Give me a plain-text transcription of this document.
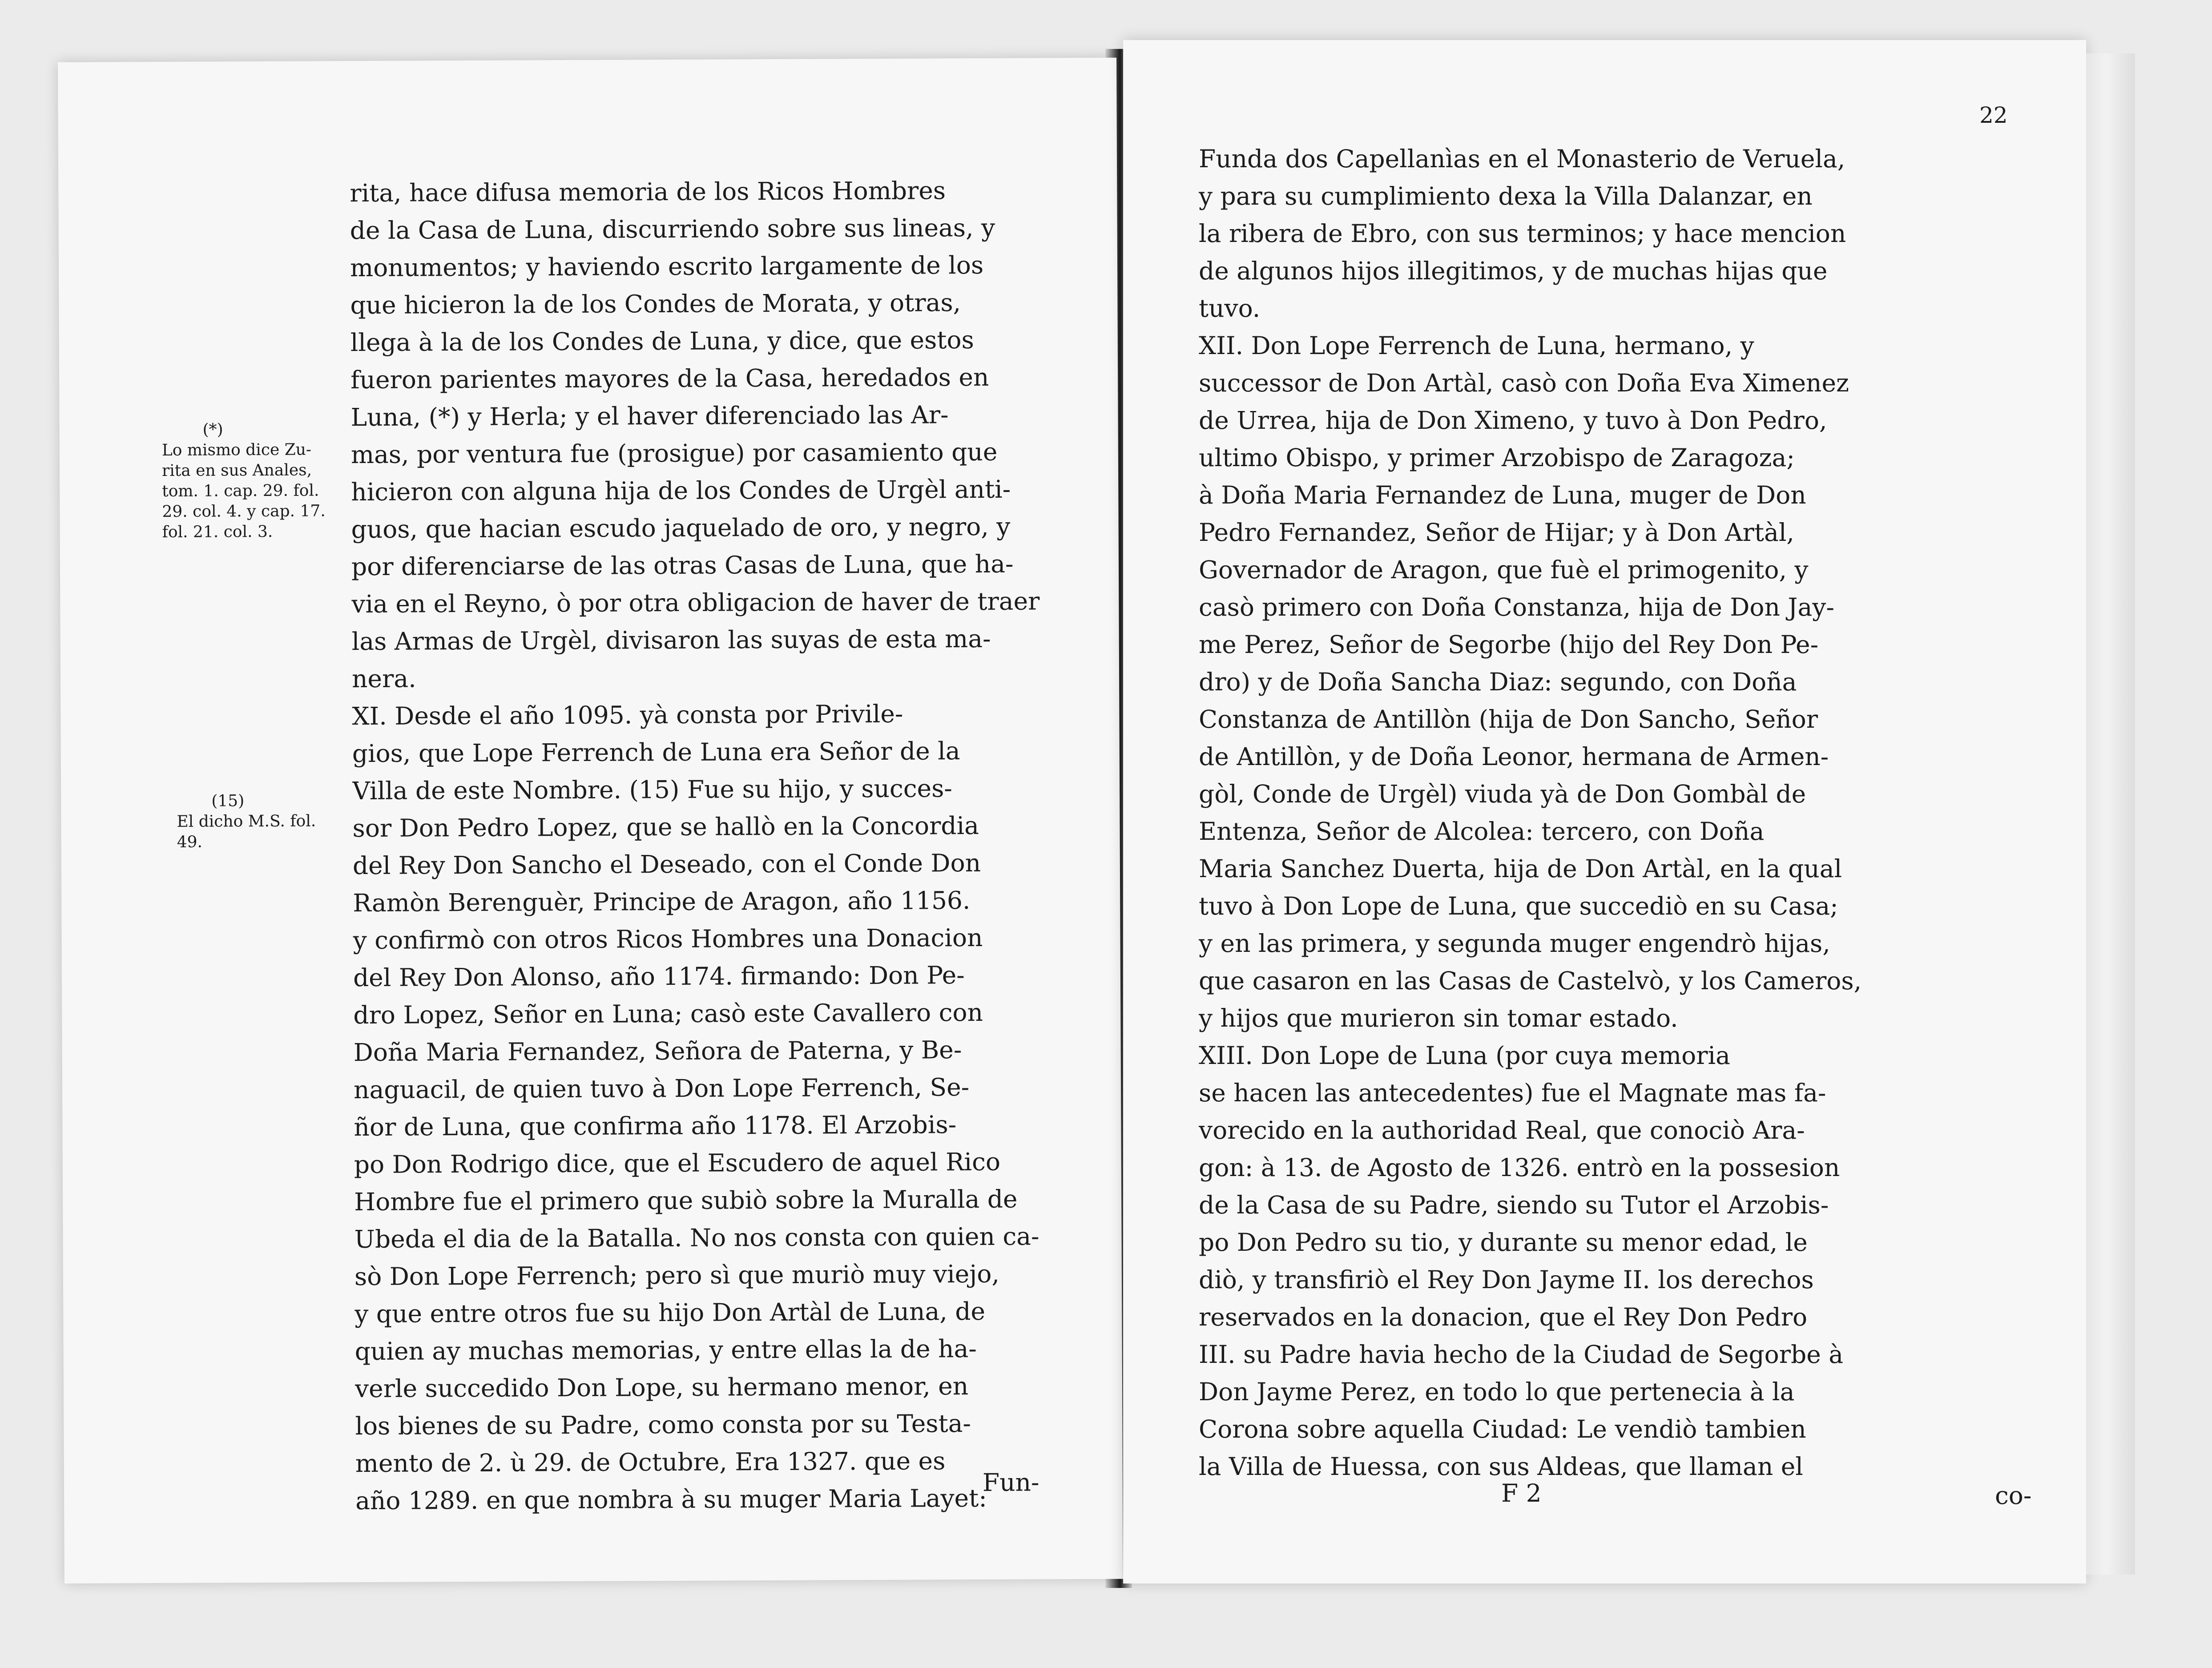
rita, hace difusa memoria de los Ricos Hombres
de la Casa de Luna, discurriendo sobre sus lineas, y
monumentos; y haviendo escrito largamente de los
que hicieron la de los Condes de Morata, y otras,
llega à la de los Condes de Luna, y dice, que estos
fueron parientes mayores de la Casa, heredados en
Luna, (*) y Herla; y el haver diferenciado las Ar-
mas, por ventura fue (prosigue) por casamiento que
hicieron con alguna hija de los Condes de Urgèl anti-
guos, que hacian escudo jaquelado de oro, y negro, y
por diferenciarse de las otras Casas de Luna, que ha-
via en el Reyno, ò por otra obligacion de haver de traer
las Armas de Urgèl, divisaron las suyas de esta ma-
nera.
XI. Desde el año 1095. yà consta por Privile-
gios, que Lope Ferrench de Luna era Señor de la
Villa de este Nombre. (15) Fue su hijo, y succes-
sor Don Pedro Lopez, que se hallò en la Concordia
del Rey Don Sancho el Deseado, con el Conde Don
Ramòn Berenguèr, Principe de Aragon, año 1156.
y confirmò con otros Ricos Hombres una Donacion
del Rey Don Alonso, año 1174. firmando: Don Pe-
dro Lopez, Señor en Luna; casò este Cavallero con
Doña Maria Fernandez, Señora de Paterna, y Be-
naguacil, de quien tuvo à Don Lope Ferrench, Se-
ñor de Luna, que confirma año 1178. El Arzobis-
po Don Rodrigo dice, que el Escudero de aquel Rico
Hombre fue el primero que subiò sobre la Muralla de
Ubeda el dia de la Batalla. No nos consta con quien ca-
sò Don Lope Ferrench; pero sì que muriò muy viejo,
y que entre otros fue su hijo Don Artàl de Luna, de
quien ay muchas memorias, y entre ellas la de ha-
verle succedido Don Lope, su hermano menor, en
los bienes de su Padre, como consta por su Testa-
mento de 2. ù 29. de Octubre, Era 1327. que es
año 1289. en que nombra à su muger Maria Layet:
(*)
Lo mismo dice Zu-
rita en sus Anales,
tom. 1. cap. 29. fol.
29. col. 4. y cap. 17.
fol. 21. col. 3.
(15)
El dicho M.S. fol.
49.
Fun-
22
Funda dos Capellanìas en el Monasterio de Veruela,
y para su cumplimiento dexa la Villa Dalanzar, en
la ribera de Ebro, con sus terminos; y hace mencion
de algunos hijos illegitimos, y de muchas hijas que
tuvo.
XII. Don Lope Ferrench de Luna, hermano, y
successor de Don Artàl, casò con Doña Eva Ximenez
de Urrea, hija de Don Ximeno, y tuvo à Don Pedro,
ultimo Obispo, y primer Arzobispo de Zaragoza;
à Doña Maria Fernandez de Luna, muger de Don
Pedro Fernandez, Señor de Hijar; y à Don Artàl,
Governador de Aragon, que fuè el primogenito, y
casò primero con Doña Constanza, hija de Don Jay-
me Perez, Señor de Segorbe (hijo del Rey Don Pe-
dro) y de Doña Sancha Diaz: segundo, con Doña
Constanza de Antillòn (hija de Don Sancho, Señor
de Antillòn, y de Doña Leonor, hermana de Armen-
gòl, Conde de Urgèl) viuda yà de Don Gombàl de
Entenza, Señor de Alcolea: tercero, con Doña
Maria Sanchez Duerta, hija de Don Artàl, en la qual
tuvo à Don Lope de Luna, que succediò en su Casa;
y en las primera, y segunda muger engendrò hijas,
que casaron en las Casas de Castelvò, y los Cameros,
y hijos que murieron sin tomar estado.
XIII. Don Lope de Luna (por cuya memoria
se hacen las antecedentes) fue el Magnate mas fa-
vorecido en la authoridad Real, que conociò Ara-
gon: à 13. de Agosto de 1326. entrò en la possesion
de la Casa de su Padre, siendo su Tutor el Arzobis-
po Don Pedro su tio, y durante su menor edad, le
diò, y transfiriò el Rey Don Jayme II. los derechos
reservados en la donacion, que el Rey Don Pedro
III. su Padre havia hecho de la Ciudad de Segorbe à
Don Jayme Perez, en todo lo que pertenecia à la
Corona sobre aquella Ciudad: Le vendiò tambien
la Villa de Huessa, con sus Aldeas, que llaman el
F 2	co-
